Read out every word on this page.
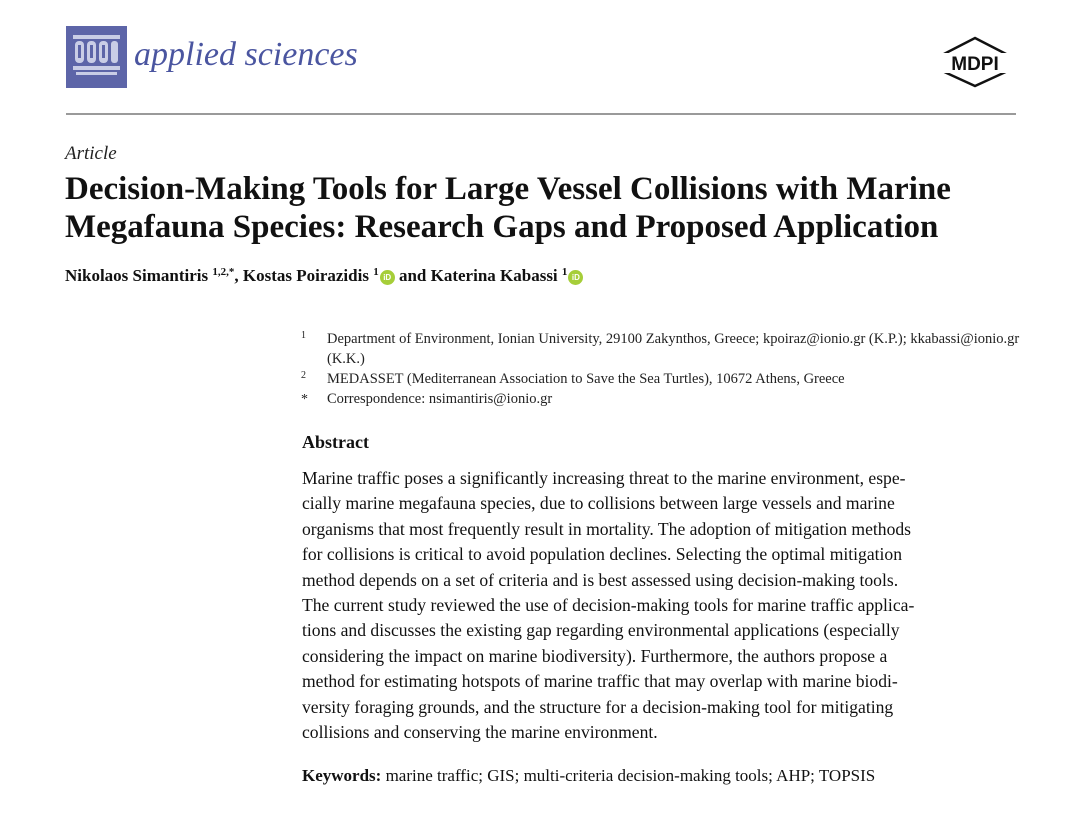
applied sciences	MDPI
Article
Decision-Making Tools for Large Vessel Collisions with Marine
Megafauna Species: Research Gaps and Proposed Application
Nikolaos Simantiris $^{1,2,*}$, Kostas Poirazidis $^1$ iD and Katerina Kabassi $^1$ iD
1 Department of Environment, Ionian University, 29100 Zakynthos, Greece; kpoiraz@ionio.gr (K.P.); kkabassi@ionio.gr (K.K.)
2 MEDASSET (Mediterranean Association to Save the Sea Turtles), 10672 Athens, Greece
* Correspondence: nsimantiris@ionio.gr
Abstract
Marine traffic poses a significantly increasing threat to the marine environment, espe-
cially marine megafauna species, due to collisions between large vessels and marine
organisms that most frequently result in mortality. The adoption of mitigation methods
for collisions is critical to avoid population declines. Selecting the optimal mitigation
method depends on a set of criteria and is best assessed using decision-making tools.
The current study reviewed the use of decision-making tools for marine traffic applica-
tions and discusses the existing gap regarding environmental applications (especially
considering the impact on marine biodiversity). Furthermore, the authors propose a
method for estimating hotspots of marine traffic that may overlap with marine biodi-
versity foraging grounds, and the structure for a decision-making tool for mitigating
collisions and conserving the marine environment.
Keywords: marine traffic; GIS; multi-criteria decision-making tools; AHP; TOPSIS
